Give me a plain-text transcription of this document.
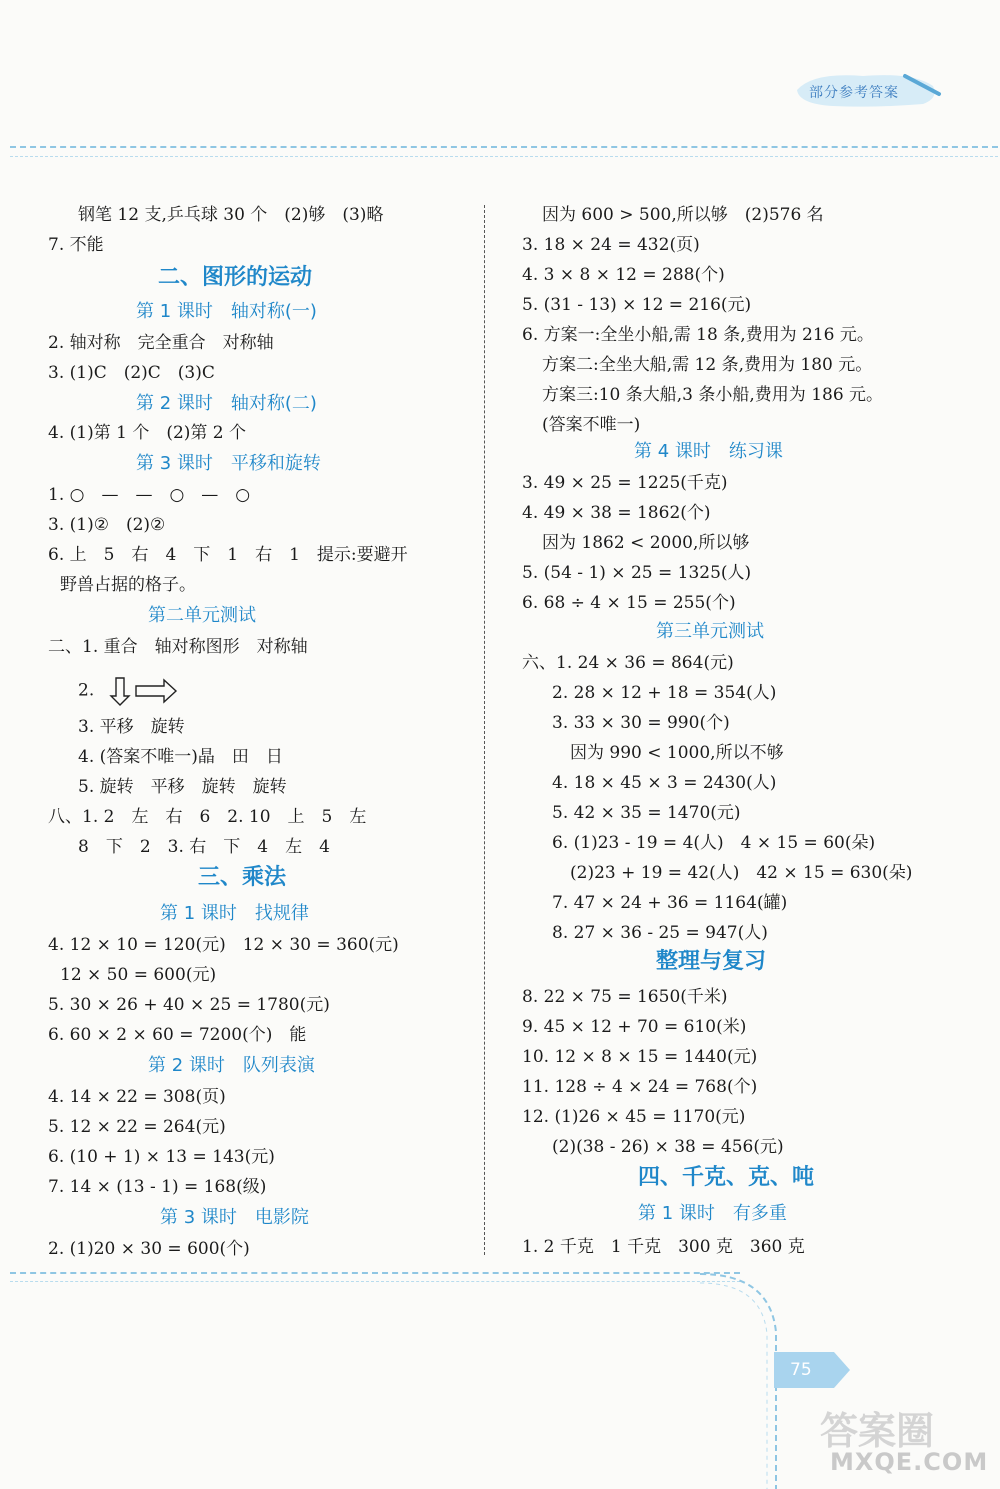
部分参考答案
钢笔 12 支,乒乓球 30 个　(2)够　(3)略
7. 不能
二、图形的运动
第 1 课时　轴对称(一)
2. 轴对称　完全重合　对称轴
3. (1)C　(2)C　(3)C
第 2 课时　轴对称(二)
4. (1)第 1 个　(2)第 2 个
第 3 课时　平移和旋转
1. ○　—　—　○　—　○
3. (1)②　(2)②
6. 上　5　右　4　下　1　右　1　提示:要避开
野兽占据的格子。
第二单元测试
二、1. 重合　轴对称图形　对称轴
2.
3. 平移　旋转
4. (答案不唯一)晶　田　日
5. 旋转　平移　旋转　旋转
八、1. 2　左　右　6　2. 10　上　5　左
8　下　2　3. 右　下　4　左　4
三、乘法
第 1 课时　找规律
4. 12 × 10 = 120(元)　12 × 30 = 360(元)
12 × 50 = 600(元)
5. 30 × 26 + 40 × 25 = 1780(元)
6. 60 × 2 × 60 = 7200(个)　能
第 2 课时　队列表演
4. 14 × 22 = 308(页)
5. 12 × 22 = 264(元)
6. (10 + 1) × 13 = 143(元)
7. 14 × (13 - 1) = 168(级)
第 3 课时　电影院
2. (1)20 × 30 = 600(个)
因为 600 > 500,所以够　(2)576 名
3. 18 × 24 = 432(页)
4. 3 × 8 × 12 = 288(个)
5. (31 - 13) × 12 = 216(元)
6. 方案一:全坐小船,需 18 条,费用为 216 元。
方案二:全坐大船,需 12 条,费用为 180 元。
方案三:10 条大船,3 条小船,费用为 186 元。
(答案不唯一)
第 4 课时　练习课
3. 49 × 25 = 1225(千克)
4. 49 × 38 = 1862(个)
因为 1862 < 2000,所以够
5. (54 - 1) × 25 = 1325(人)
6. 68 ÷ 4 × 15 = 255(个)
第三单元测试
六、1. 24 × 36 = 864(元)
2. 28 × 12 + 18 = 354(人)
3. 33 × 30 = 990(个)
因为 990 < 1000,所以不够
4. 18 × 45 × 3 = 2430(人)
5. 42 × 35 = 1470(元)
6. (1)23 - 19 = 4(人)　4 × 15 = 60(朵)
(2)23 + 19 = 42(人)　42 × 15 = 630(朵)
7. 47 × 24 + 36 = 1164(罐)
8. 27 × 36 - 25 = 947(人)
整理与复习
8. 22 × 75 = 1650(千米)
9. 45 × 12 + 70 = 610(米)
10. 12 × 8 × 15 = 1440(元)
11. 128 ÷ 4 × 24 = 768(个)
12. (1)26 × 45 = 1170(元)
(2)(38 - 26) × 38 = 456(元)
四、千克、克、吨
第 1 课时　有多重
1. 2 千克　1 千克　300 克　360 克
75
答案圈
MXQE.COM
